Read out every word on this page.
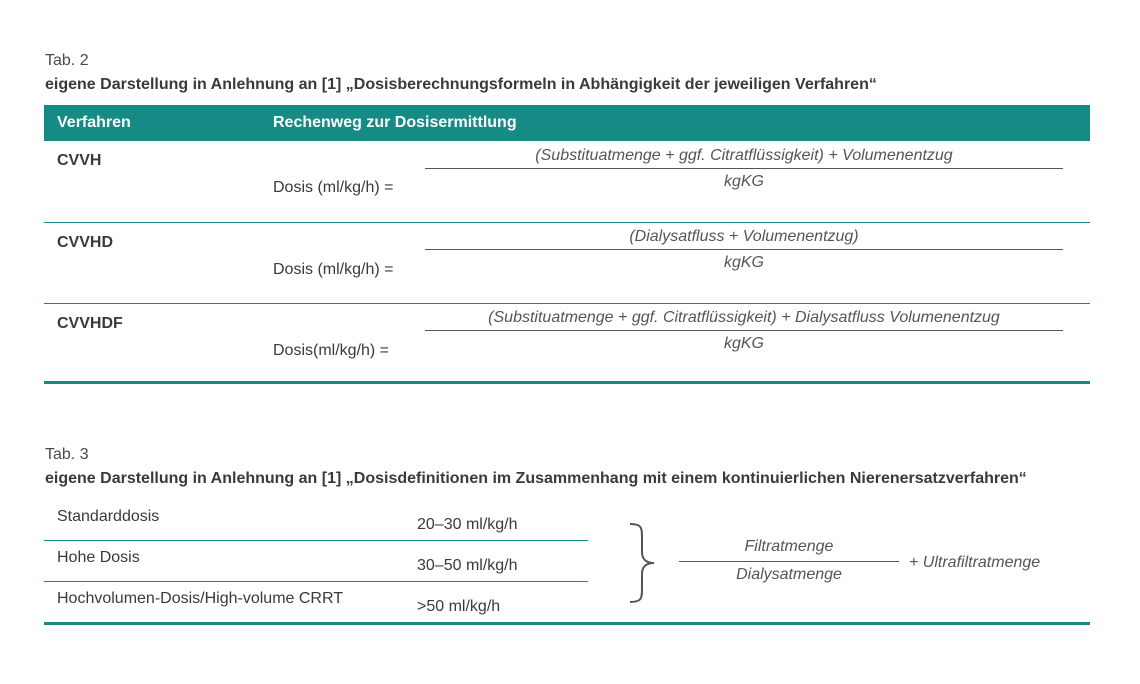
Tab. 2
eigene Darstellung in Anlehnung an [1] „Dosisberechnungsformeln in Abhängigkeit der jeweiligen Verfahren“
Verfahren	Rechenweg zur Dosisermittlung
CVVH
Dosis (ml/kg/h) =
(Substituatmenge + ggf. Citratflüssigkeit) + Volumenentzug
kgKG
CVVHD
Dosis (ml/kg/h) =
(Dialysatfluss + Volumenentzug)
kgKG
CVVHDF
Dosis(ml/kg/h) =
(Substituatmenge + ggf. Citratflüssigkeit) + Dialysatfluss Volumenentzug
kgKG
Tab. 3
eigene Darstellung in Anlehnung an [1] „Dosisdefinitionen im Zusammenhang mit einem kontinuierlichen Nierenersatzverfahren“
Standarddosis	20–30 ml/kg/h
Hohe Dosis	30–50 ml/kg/h
Hochvolumen-Dosis/High-volume CRRT	>50 ml/kg/h
Filtratmenge
Dialysatmenge
+ Ultrafiltratmenge
